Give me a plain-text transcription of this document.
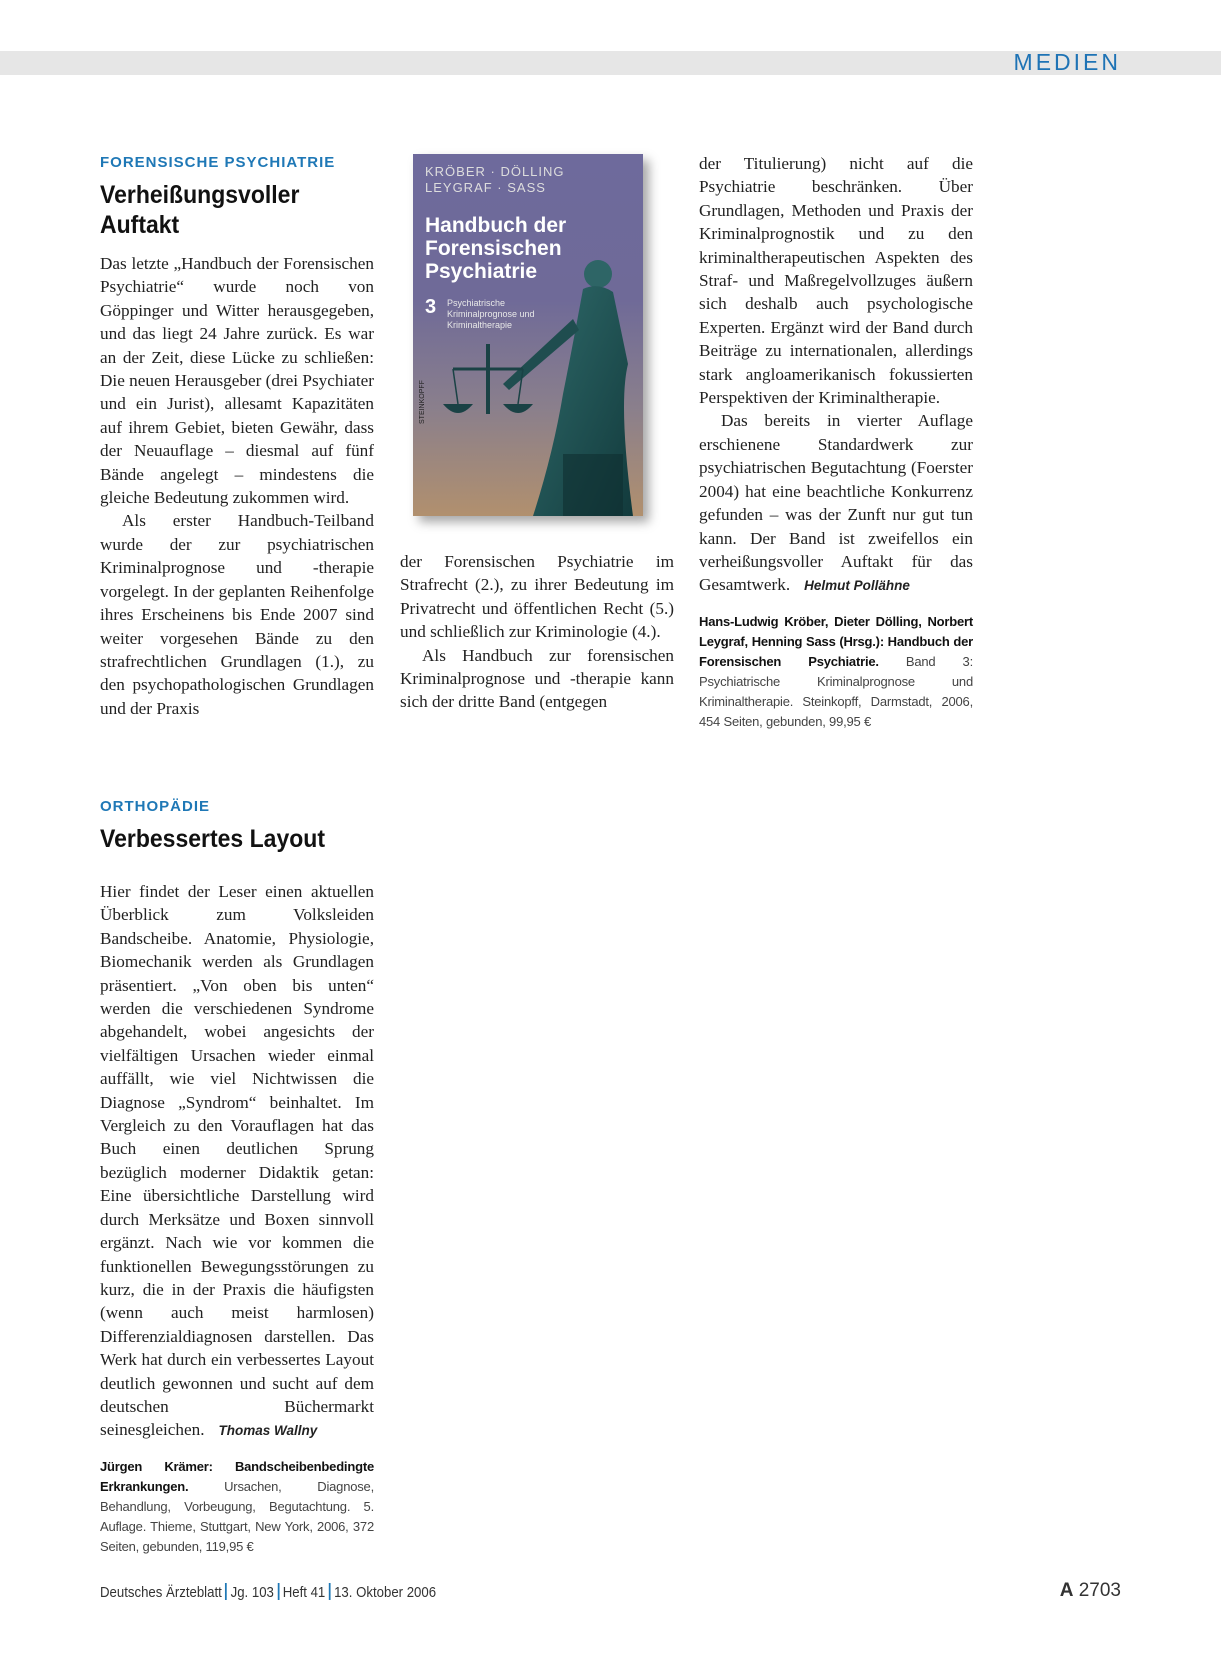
MEDIEN
FORENSISCHE PSYCHIATRIE
Verheißungsvoller Auftakt

Das letzte „Handbuch der Forensischen Psychiatrie“ wurde noch von Göppinger und Witter herausgegeben, und das liegt 24 Jahre zurück. Es war an der Zeit, diese Lücke zu schließen: Die neuen Herausgeber (drei Psychiater und ein Jurist), allesamt Kapazitäten auf ihrem Gebiet, bieten Gewähr, dass der Neuauflage – diesmal auf fünf Bände angelegt – mindestens die gleiche Bedeutung zukommen wird.

Als erster Handbuch-Teilband wurde der zur psychiatrischen Kriminalprognose und -therapie vorgelegt. In der geplanten Reihenfolge ihres Erscheinens bis Ende 2007 sind weiter vorgesehen Bände zu den strafrechtlichen Grundlagen (1.), zu den psychopathologischen Grundlagen und der Praxis

KRÖBER · DÖLLING
LEYGRAF · SASS
Handbuch der Forensischen Psychiatrie
3 Psychiatrische Kriminalprognose und Kriminaltherapie
STEINKOPFF

der Forensischen Psychiatrie im Strafrecht (2.), zu ihrer Bedeutung im Privatrecht und öffentlichen Recht (5.) und schließlich zur Kriminologie (4.).

Als Handbuch zur forensischen Kriminalprognose und -therapie kann sich der dritte Band (entgegen

der Titulierung) nicht auf die Psychiatrie beschränken. Über Grundlagen, Methoden und Praxis der Kriminalprognostik und zu den kriminaltherapeutischen Aspekten des Straf- und Maßregelvollzuges äußern sich deshalb auch psychologische Experten. Ergänzt wird der Band durch Beiträge zu internationalen, allerdings stark angloamerikanisch fokussierten Perspektiven der Kriminaltherapie.

Das bereits in vierter Auflage erschienene Standardwerk zur psychiatrischen Begutachtung (Foerster 2004) hat eine beachtliche Konkurrenz gefunden – was der Zunft nur gut tun kann. Der Band ist zweifellos ein verheißungsvoller Auftakt für das Gesamtwerk. Helmut Pollähne

Hans-Ludwig Kröber, Dieter Dölling, Norbert Leygraf, Henning Sass (Hrsg.): Handbuch der Forensischen Psychiatrie. Band 3: Psychiatrische Kriminalprognose und Kriminaltherapie. Steinkopff, Darmstadt, 2006, 454 Seiten, gebunden, 99,95 €
ORTHOPÄDIE
Verbessertes Layout

Hier findet der Leser einen aktuellen Überblick zum Volksleiden Bandscheibe. Anatomie, Physiologie, Biomechanik werden als Grundlagen präsentiert. „Von oben bis unten“ werden die verschiedenen Syndrome abgehandelt, wobei angesichts der vielfältigen Ursachen wieder einmal auffällt, wie viel Nichtwissen die Diagnose „Syndrom“ beinhaltet. Im Vergleich zu den Vorauflagen hat das Buch einen deutlichen Sprung bezüglich moderner Didaktik getan: Eine übersichtliche Darstellung wird durch Merksätze und Boxen sinnvoll ergänzt. Nach wie vor kommen die funktionellen Bewegungsstörungen zu kurz, die in der Praxis die häufigsten (wenn auch meist harmlosen) Differenzialdiagnosen darstellen. Das Werk hat durch ein verbessertes Layout deutlich gewonnen und sucht auf dem deutschen Büchermarkt seinesgleichen. Thomas Wallny

Jürgen Krämer: Bandscheibenbedingte Erkrankungen. Ursachen, Diagnose, Behandlung, Vorbeugung, Begutachtung. 5. Auflage. Thieme, Stuttgart, New York, 2006, 372 Seiten, gebunden, 119,95 €
Deutsches Ärzteblatt Jg. 103 Heft 41 13. Oktober 2006	A 2703
